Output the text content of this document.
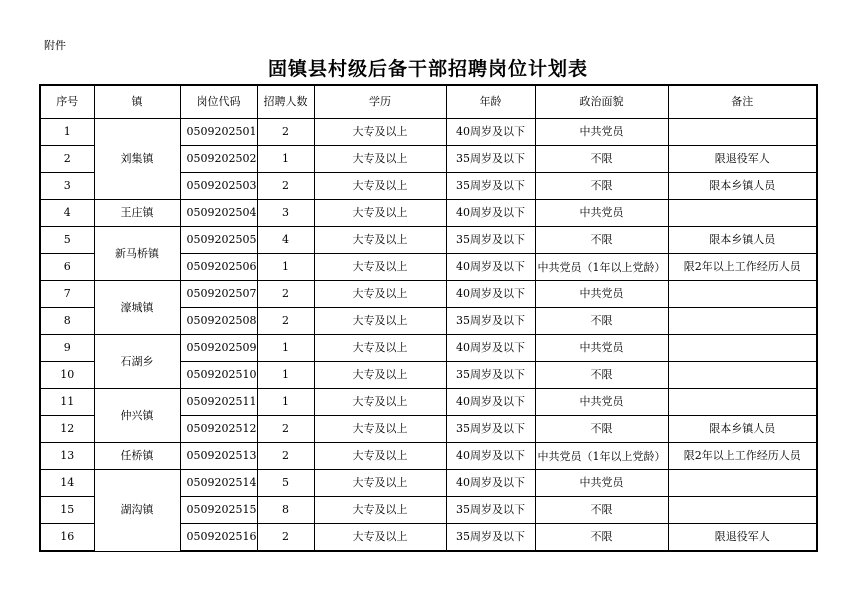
附件
固镇县村级后备干部招聘岗位计划表
序号	镇	岗位代码	招聘人数	学历	年龄	政治面貌	备注
1	刘集镇	0509202501	2	大专及以上	40周岁及以下	中共党员	
2		0509202502	1	大专及以上	35周岁及以下	不限	限退役军人
3		0509202503	2	大专及以上	35周岁及以下	不限	限本乡镇人员
4	王庄镇	0509202504	3	大专及以上	40周岁及以下	中共党员	
5	新马桥镇	0509202505	4	大专及以上	35周岁及以下	不限	限本乡镇人员
6		0509202506	1	大专及以上	40周岁及以下	中共党员（1年以上党龄）	限2年以上工作经历人员
7	濠城镇	0509202507	2	大专及以上	40周岁及以下	中共党员	
8		0509202508	2	大专及以上	35周岁及以下	不限	
9	石湖乡	0509202509	1	大专及以上	40周岁及以下	中共党员	
10		0509202510	1	大专及以上	35周岁及以下	不限	
11	仲兴镇	0509202511	1	大专及以上	40周岁及以下	中共党员	
12		0509202512	2	大专及以上	35周岁及以下	不限	限本乡镇人员
13	任桥镇	0509202513	2	大专及以上	40周岁及以下	中共党员（1年以上党龄）	限2年以上工作经历人员
14	湖沟镇	0509202514	5	大专及以上	40周岁及以下	中共党员	
15		0509202515	8	大专及以上	35周岁及以下	不限	
16		0509202516	2	大专及以上	35周岁及以下	不限	限退役军人
